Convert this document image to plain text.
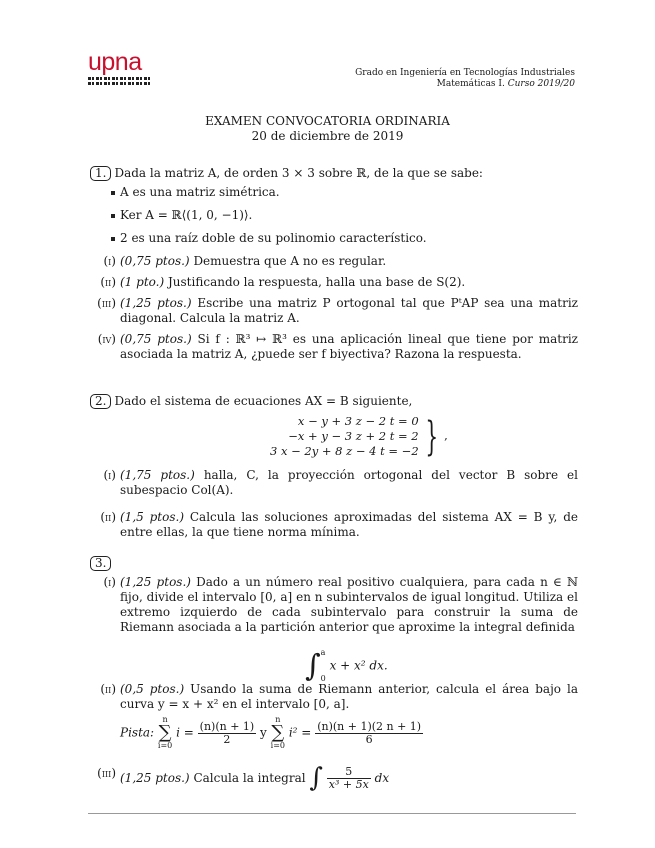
upna	Grado en Ingeniería en Tecnologías Industriales
Matemáticas I. Curso 2019/20
EXAMEN CONVOCATORIA ORDINARIA
20 de diciembre de 2019
1. Dada la matriz A, de orden 3 × 3 sobre ℝ, de la que se sabe:
A es una matriz simétrica.
Ker A = ℝ⟨(1, 0, −1)⟩.
2 es una raíz doble de su polinomio característico.
(i) (0,75 ptos.) Demuestra que A no es regular.
(ii) (1 pto.) Justificando la respuesta, halla una base de S(2).
(iii) (1,25 ptos.) Escribe una matriz P ortogonal tal que PᵗAP sea una matriz diagonal. Calcula la matriz A.
(iv) (0,75 ptos.) Si f : ℝ³ ↦ ℝ³ es una aplicación lineal que tiene por matriz asociada la matriz A, ¿puede ser f biyectiva? Razona la respuesta.
2. Dado el sistema de ecuaciones AX = B siguiente,
x − y + 3 z − 2 t = 0
−x + y − 3 z + 2 t = 2
3 x − 2y + 8 z − 4 t = −2 } ,
(i) (1,75 ptos.) halla, C, la proyección ortogonal del vector B sobre el subespacio Col(A).
(ii) (1,5 ptos.) Calcula las soluciones aproximadas del sistema AX = B y, de entre ellas, la que tiene norma mínima.
3.
(i) (1,25 ptos.) Dado a un número real positivo cualquiera, para cada n ∈ ℕ fijo, divide el intervalo [0, a] en n subintervalos de igual longitud. Utiliza el extremo izquierdo de cada subintervalo para construir la suma de Riemann asociada a la partición anterior que aproxime la integral definida
∫ a
0
x + x² dx.
(ii) (0,5 ptos.) Usando la suma de Riemann anterior, calcula el área bajo la curva y = x + x² en el intervalo [0, a].
Pista:
n
∑
i=0
$i = \frac{(n)(n + 1)}{2}$ y
n
∑
i=0
$i^2 = \frac{(n)(n + 1)(2 n + 1)}{6}$
(iii) (1,25 ptos.) Calcula la integral ∫ $\frac{5}{\text{x³ + 5x}}$ dx
